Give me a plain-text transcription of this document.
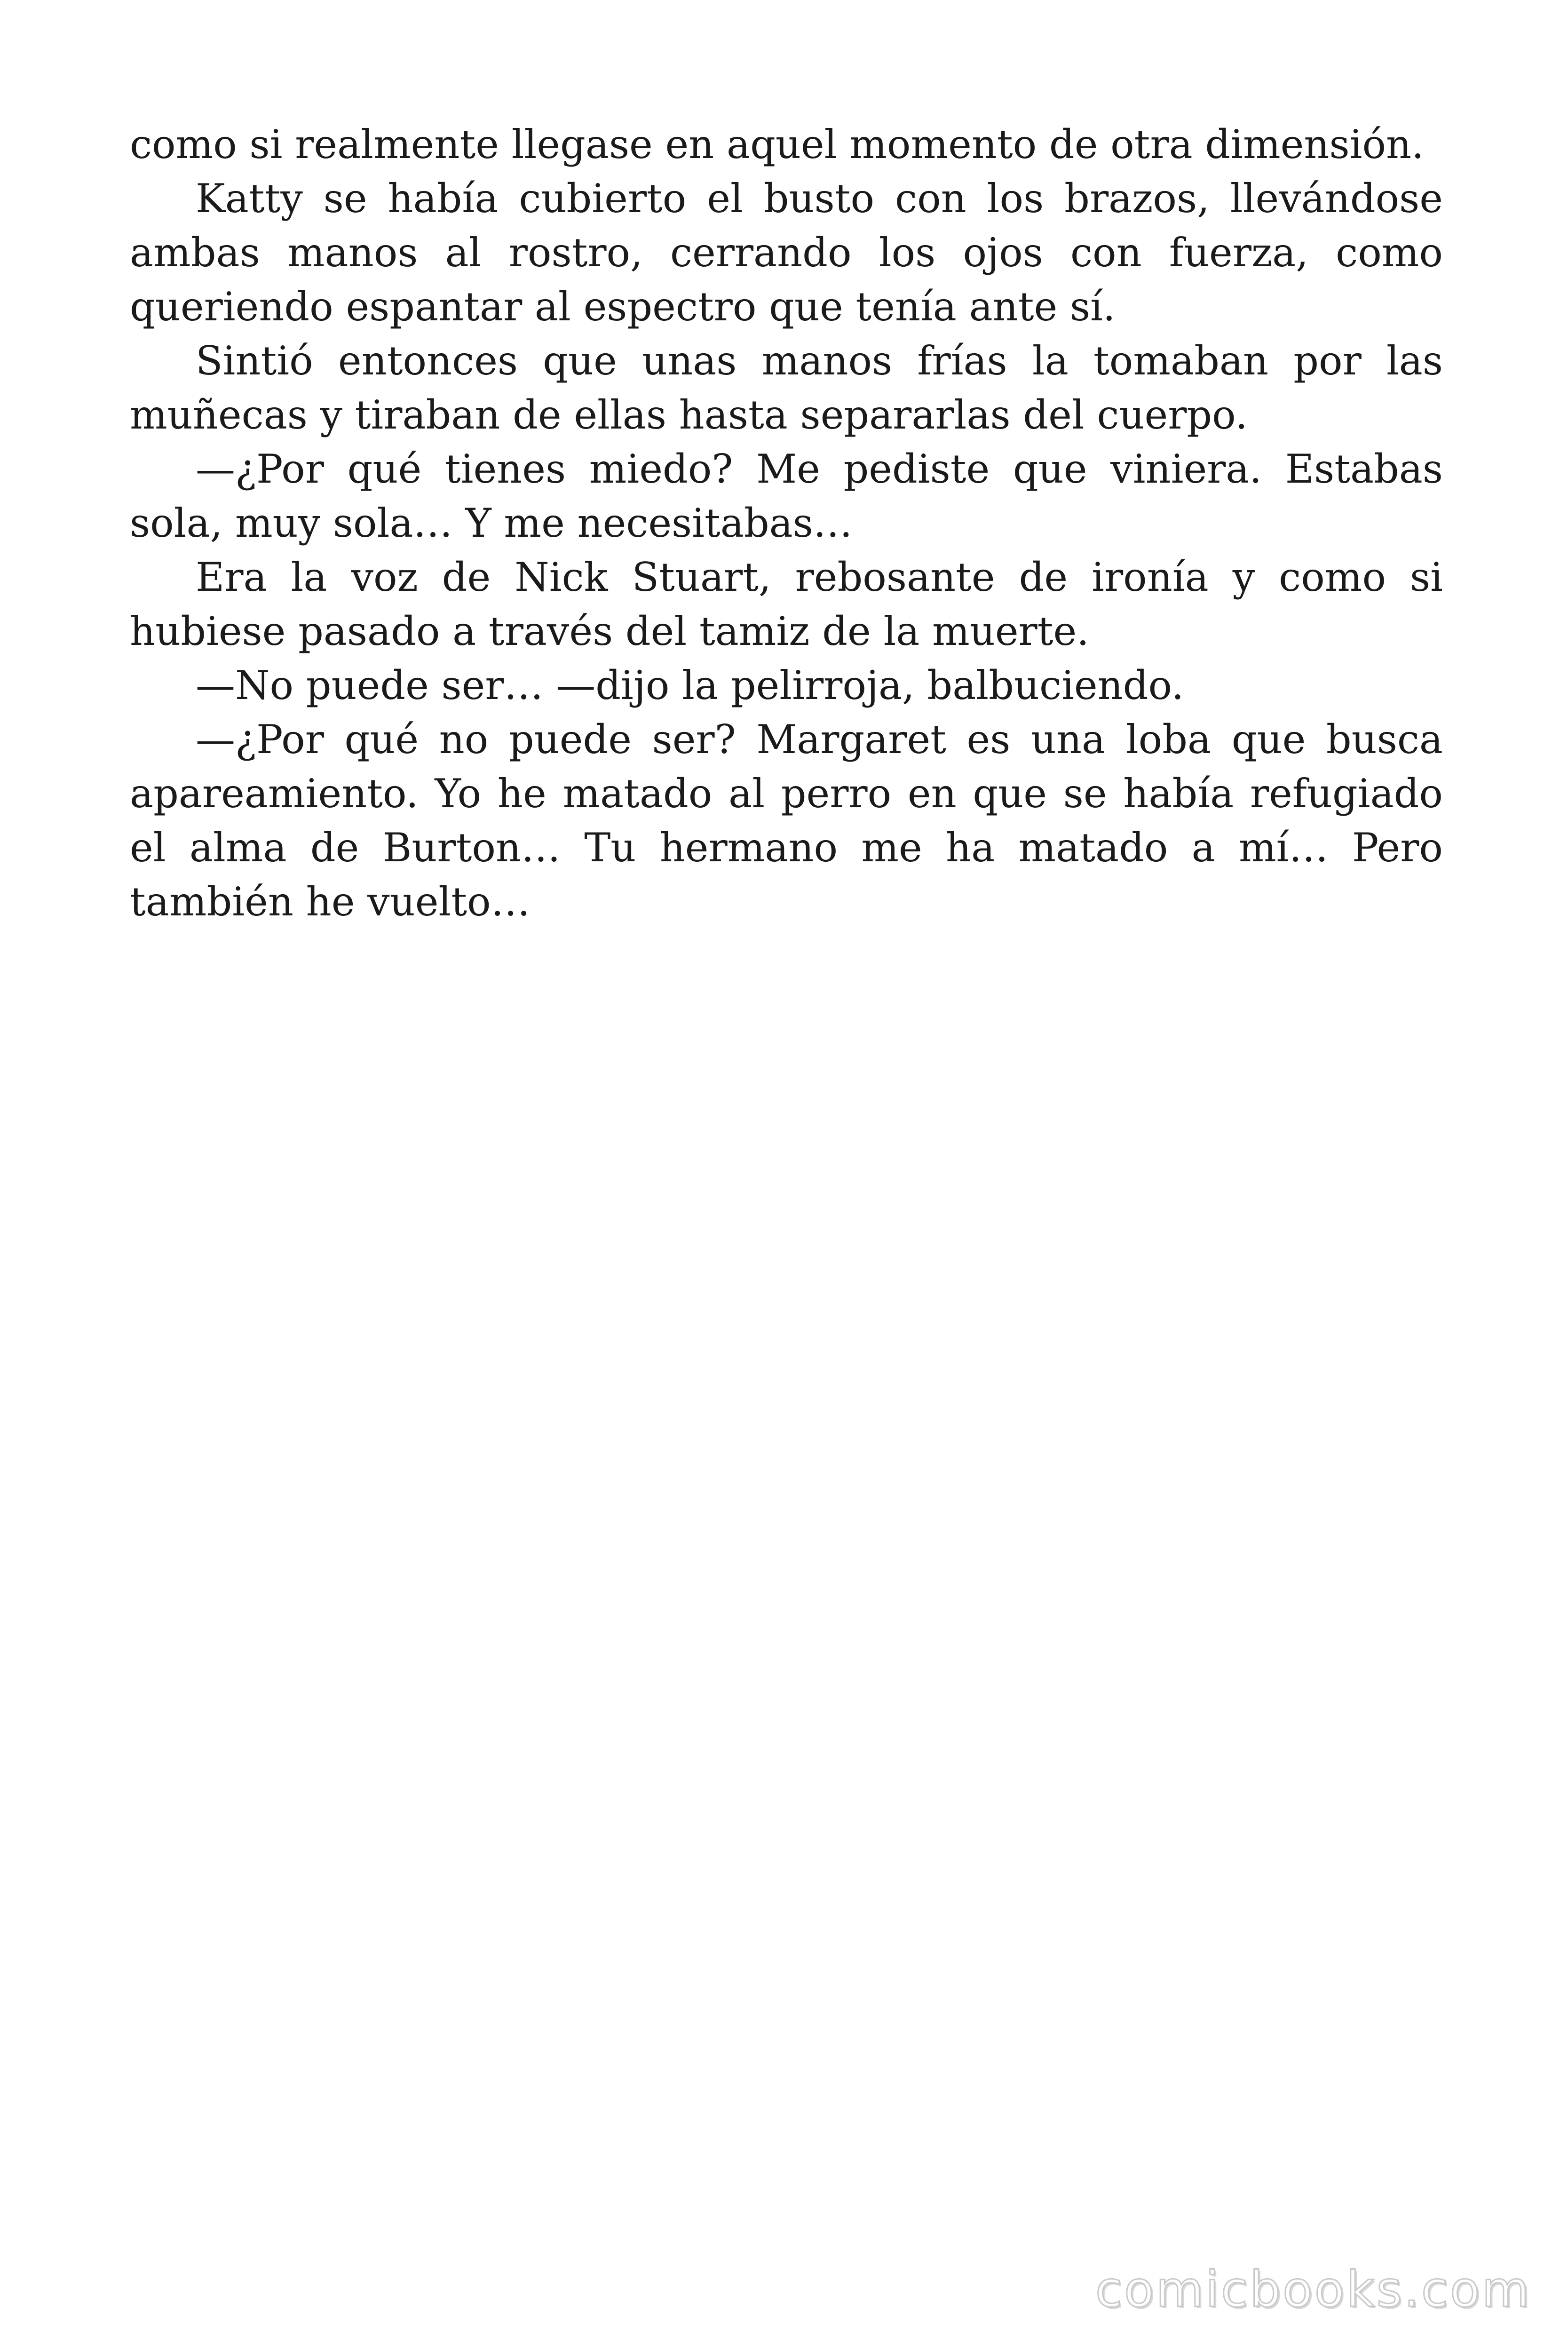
como si realmente llegase en aquel momento de otra dimensión.

Katty se había cubierto el busto con los brazos, llevándose ambas manos al rostro, cerrando los ojos con fuerza, como queriendo espantar al espectro que tenía ante sí.

Sintió entonces que unas manos frías la tomaban por las muñecas y tiraban de ellas hasta separarlas del cuerpo.

—¿Por qué tienes miedo? Me pediste que viniera. Estabas sola, muy sola… Y me necesitabas…

Era la voz de Nick Stuart, rebosante de ironía y como si hubiese pasado a través del tamiz de la muerte.

—No puede ser… —dijo la pelirroja, balbuciendo.

—¿Por qué no puede ser? Margaret es una loba que busca apareamiento. Yo he matado al perro en que se había refugiado el alma de Burton… Tu hermano me ha matado a mí… Pero también he vuelto…

comicbooks.com
